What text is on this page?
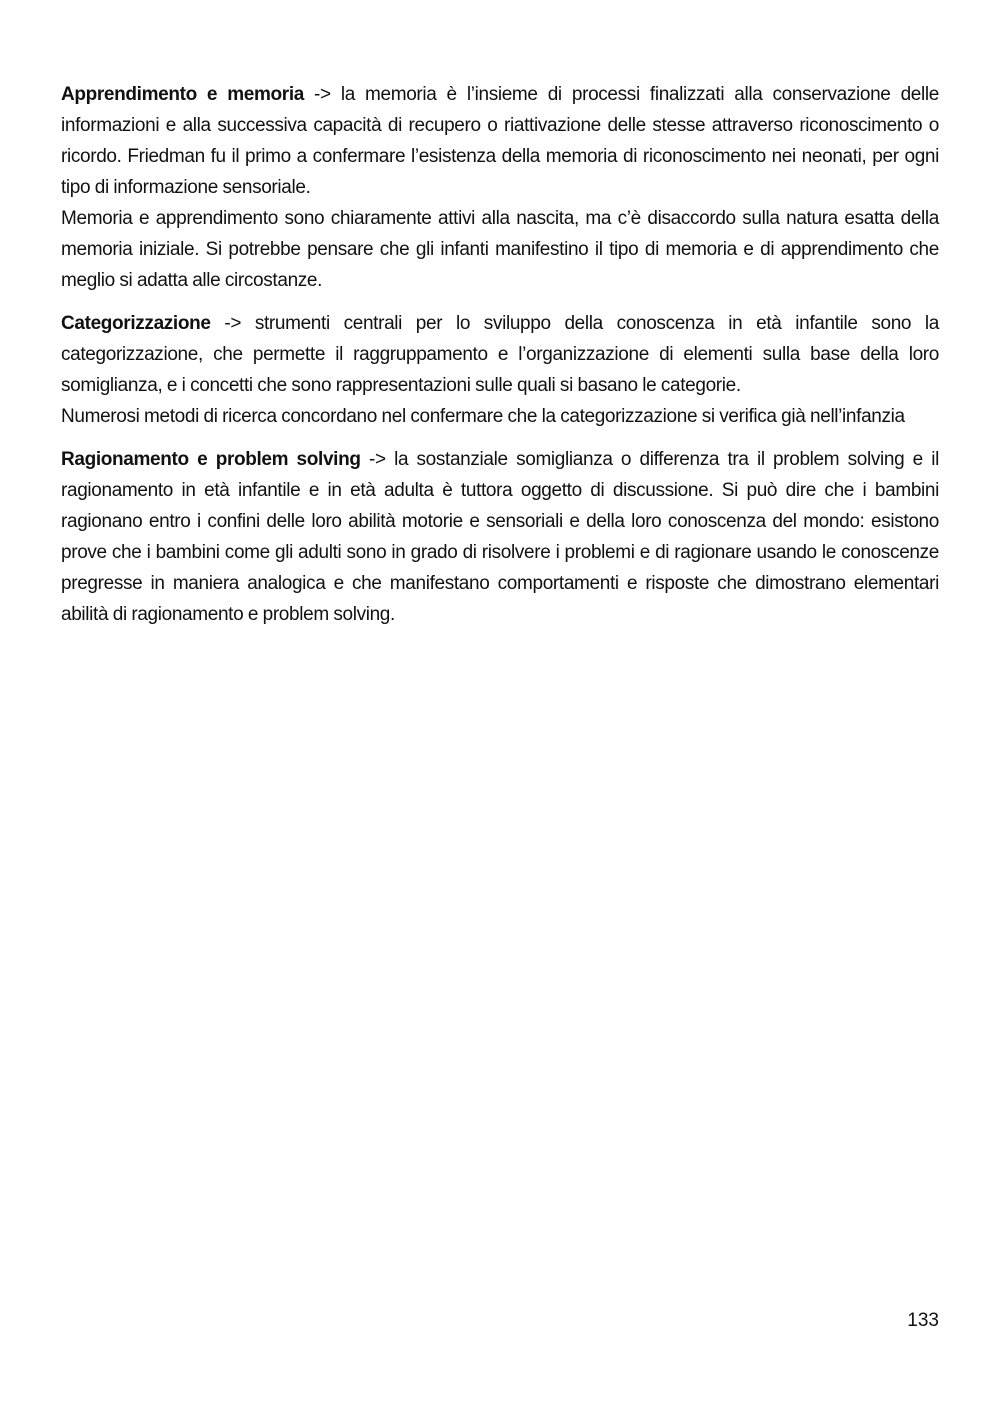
Apprendimento e memoria -> la memoria è l’insieme di processi finalizzati alla conservazione delle informazioni e alla successiva capacità di recupero o riattivazione delle stesse attraverso riconoscimento o ricordo. Friedman fu il primo a confermare l’esistenza della memoria di riconoscimento nei neonati, per ogni tipo di informazione sensoriale.

Memoria e apprendimento sono chiaramente attivi alla nascita, ma c’è disaccordo sulla natura esatta della memoria iniziale. Si potrebbe pensare che gli infanti manifestino il tipo di memoria e di apprendimento che meglio si adatta alle circostanze.

Categorizzazione -> strumenti centrali per lo sviluppo della conoscenza in età infantile sono la categorizzazione, che permette il raggruppamento e l’organizzazione di elementi sulla base della loro somiglianza, e i concetti che sono rappresentazioni sulle quali si basano le categorie.

Numerosi metodi di ricerca concordano nel confermare che la categorizzazione si verifica già nell’infanzia

Ragionamento e problem solving -> la sostanziale somiglianza o differenza tra il problem solving e il ragionamento in età infantile e in età adulta è tuttora oggetto di discussione. Si può dire che i bambini ragionano entro i confini delle loro abilità motorie e sensoriali e della loro conoscenza del mondo: esistono prove che i bambini come gli adulti sono in grado di risolvere i problemi e di ragionare usando le conoscenze pregresse in maniera analogica e che manifestano comportamenti e risposte che dimostrano elementari abilità di ragionamento e problem solving.

133
